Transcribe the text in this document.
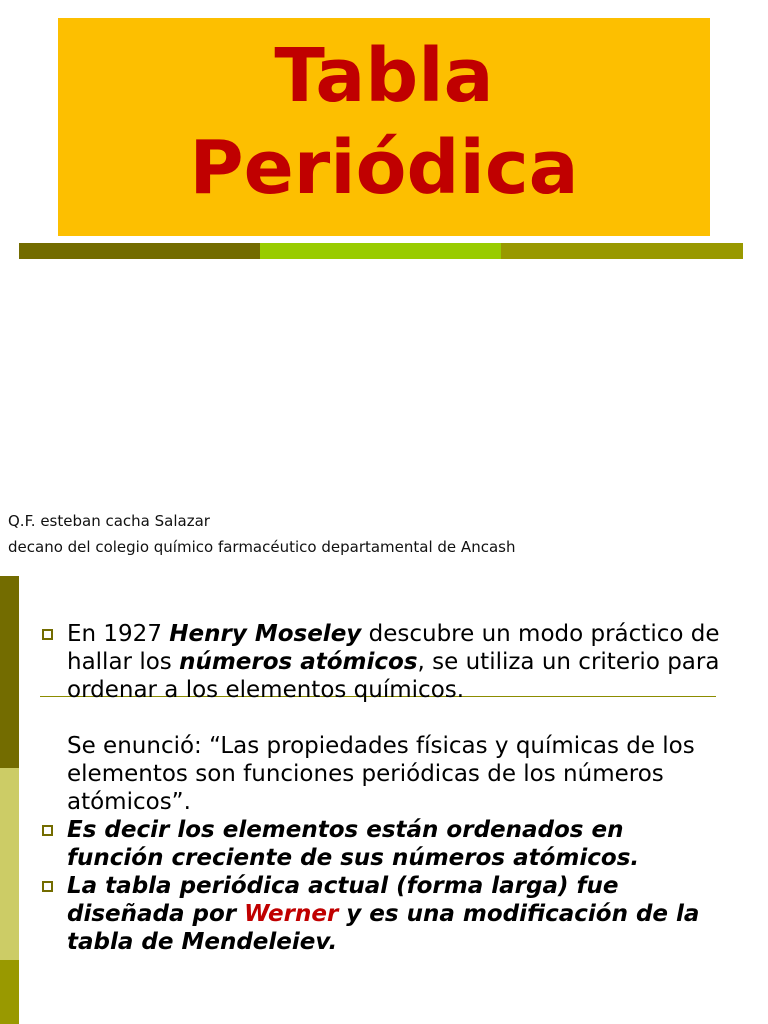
Tabla
Periódica
Q.F. esteban cacha Salazar
decano del colegio químico farmacéutico departamental de Ancash

En 1927 Henry Moseley descubre un modo práctico de hallar los números atómicos, se utiliza un criterio para ordenar a los elementos químicos.

Se enunció: “Las propiedades físicas y químicas de los elementos son funciones periódicas de los números atómicos”.

Es decir los elementos están ordenados en función creciente de sus números atómicos.

La tabla periódica actual (forma larga) fue diseñada por Werner y es una modificación de la tabla de Mendeleiev.
